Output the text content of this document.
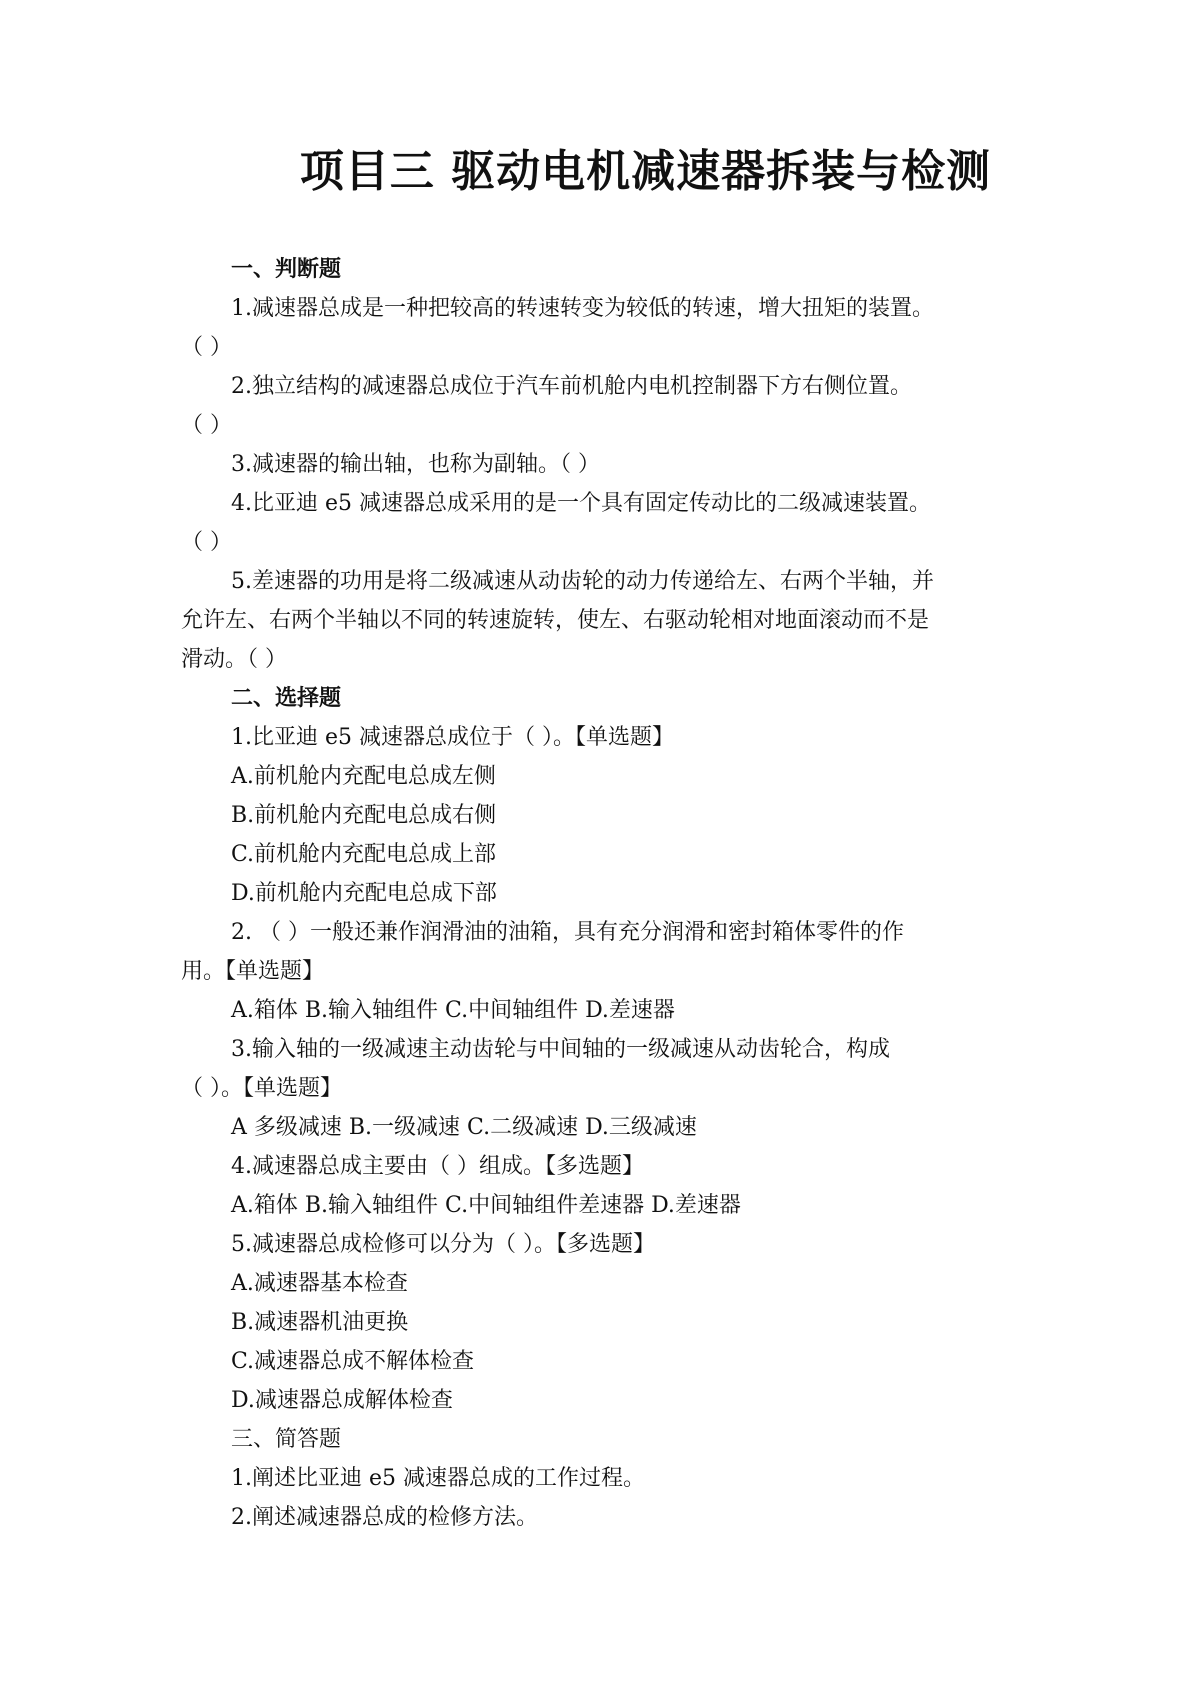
项目三 驱动电机减速器拆装与检测
一、判断题
1.减速器总成是一种把较高的转速转变为较低的转速，增大扭矩的装置。
（ ）
2.独立结构的减速器总成位于汽车前机舱内电机控制器下方右侧位置。
（ ）
3.减速器的输出轴，也称为副轴。（ ）
4.比亚迪 e5 减速器总成采用的是一个具有固定传动比的二级减速装置。
（ ）
5.差速器的功用是将二级减速从动齿轮的动力传递给左、右两个半轴，并
允许左、右两个半轴以不同的转速旋转，使左、右驱动轮相对地面滚动而不是
滑动。（ ）
二、选择题
1.比亚迪 e5 减速器总成位于（ ）。【单选题】
A.前机舱内充配电总成左侧
B.前机舱内充配电总成右侧
C.前机舱内充配电总成上部
D.前机舱内充配电总成下部
2. （ ）一般还兼作润滑油的油箱，具有充分润滑和密封箱体零件的作
用。【单选题】
A.箱体 B.输入轴组件 C.中间轴组件 D.差速器
3.输入轴的一级减速主动齿轮与中间轴的一级减速从动齿轮合，构成
（ ）。【单选题】
A 多级减速 B.一级减速 C.二级减速 D.三级减速
4.减速器总成主要由（ ）组成。【多选题】
A.箱体 B.输入轴组件 C.中间轴组件差速器 D.差速器
5.减速器总成检修可以分为（ ）。【多选题】
A.减速器基本检查
B.减速器机油更换
C.减速器总成不解体检查
D.减速器总成解体检查
三、简答题
1.阐述比亚迪 e5 减速器总成的工作过程。
2.阐述减速器总成的检修方法。
